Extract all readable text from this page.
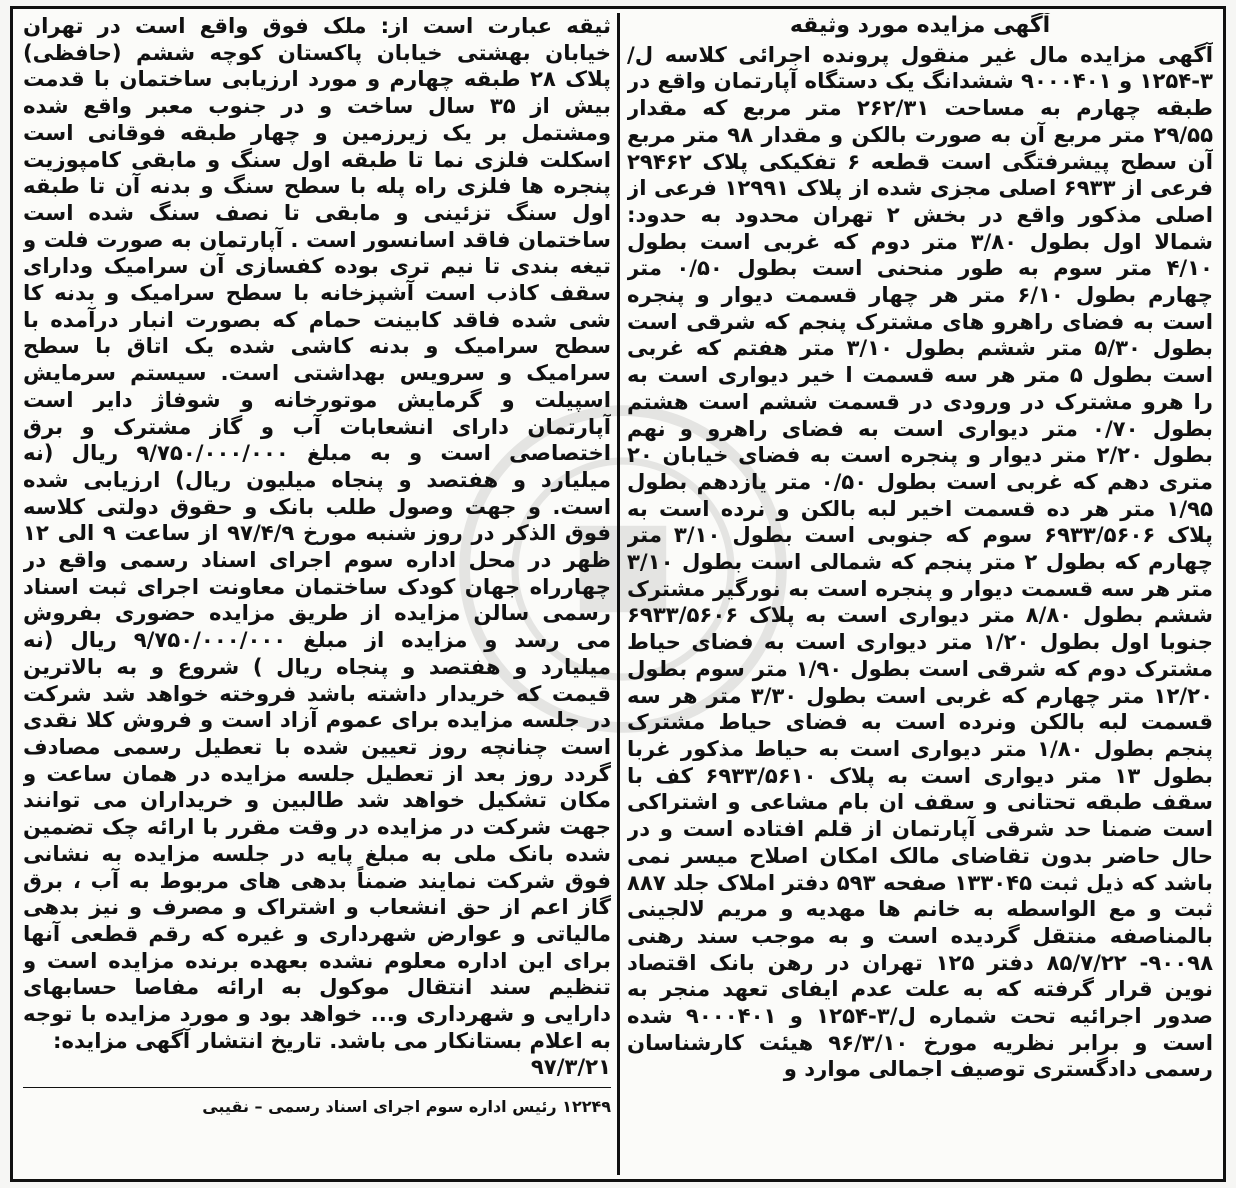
آگهی مزایده مورد وثیقه

آگهی مزایده مال غیر منقول پرونده اجرائی کلاسه ل/۳-۱۲۵۴ و ۹۰۰۰۴۰۱ ششدانگ یک دستگاه آپارتمان واقع در طبقه چهارم به مساحت ۲۶۲/۳۱ متر مربع که مقدار ۲۹/۵۵ متر مربع آن به صورت بالکن و مقدار ۹۸ متر مربع آن سطح پیشرفتگی است قطعه ۶ تفکیکی پلاک ۲۹۴۶۲ فرعی از ۶۹۳۳ اصلی مجزی شده از پلاک ۱۲۹۹۱ فرعی از اصلی مذکور واقع در بخش ۲ تهران محدود به حدود: شمالا اول بطول ۳/۸۰ متر دوم که غربی است بطول ۴/۱۰ متر سوم به طور منحنی است بطول ۰/۵۰ متر چهارم بطول ۶/۱۰ متر هر چهار قسمت دیوار و پنجره است به فضای راهرو های مشترک پنجم که شرقی است بطول ۵/۳۰ متر ششم بطول ۳/۱۰ متر هفتم که غربی است بطول ۵ متر هر سه قسمت ا خیر دیواری است به را هرو مشترک در ورودی در قسمت ششم است هشتم بطول ۰/۷۰ متر دیواری است به فضای راهرو و نهم بطول ۲/۲۰ متر دیوار و پنجره است به فضای خیابان ۲۰ متری دهم که غربی است بطول ۰/۵۰ متر یازدهم بطول ۱/۹۵ متر هر ده قسمت اخیر لبه بالکن و نرده است به پلاک ۶۹۳۳/۵۶۰۶ سوم که جنوبی است بطول ۳/۱۰ متر چهارم که بطول ۲ متر پنجم که شمالی است بطول ۳/۱۰ متر هر سه قسمت دیوار و پنجره است به نورگیر مشترک ششم بطول ۸/۸۰ متر دیواری است به پلاک ۶۹۳۳/۵۶۰۶ جنوبا اول بطول ۱/۲۰ متر دیواری است به فضای حیاط مشترک دوم که شرقی است بطول ۱/۹۰ متر سوم بطول ۱۲/۲۰ متر چهارم که غربی است بطول ۳/۳۰ متر هر سه قسمت لبه بالکن ونرده است به فضای حیاط مشترک پنجم بطول ۱/۸۰ متر دیواری است به حیاط مذکور غربا بطول ۱۳ متر دیواری است به پلاک ۶۹۳۳/۵۶۱۰ کف با سقف طبقه تحتانی و سقف ان بام مشاعی و اشتراکی است ضمنا حد شرقی آپارتمان از قلم افتاده است و در حال حاضر بدون تقاضای مالک امکان اصلاح میسر نمی باشد که ذیل ثبت ۱۳۳۰۴۵ صفحه ۵۹۳ دفتر املاک جلد ۸۸۷ ثبت و مع الواسطه به خانم ها مهدیه و مریم لالجینی بالمناصفه منتقل گردیده است و به موجب سند رهنی ۹۰۰۹۸- ۸۵/۷/۲۲ دفتر ۱۲۵ تهران در رهن بانک اقتصاد نوین قرار گرفته که به علت عدم ایفای تعهد منجر به صدور اجرائیه تحت شماره ل/۳-۱۲۵۴ و ۹۰۰۰۴۰۱ شده است و برابر نظریه مورخ ۹۶/۳/۱۰ هیئت کارشناسان رسمی دادگستری توصیف اجمالی موارد و

ثیقه عبارت است از: ملک فوق واقع است در تهران خیابان بهشتی خیابان پاکستان کوچه ششم (حافظی) پلاک ۲۸ طبقه چهارم و مورد ارزیابی ساختمان با قدمت بیش از ۳۵ سال ساخت و در جنوب معبر واقع شده ومشتمل بر یک زیرزمین و چهار طبقه فوقانی است اسکلت فلزی نما تا طبقه اول سنگ و مابقی کامپوزیت پنجره ها فلزی راه پله با سطح سنگ و بدنه آن تا طبقه اول سنگ تزئینی و مابقی تا نصف سنگ شده است ساختمان فاقد اسانسور است . آپارتمان به صورت فلت و تیغه بندی تا نیم تری بوده کفسازی آن سرامیک ودارای سقف کاذب است آشپزخانه با سطح سرامیک و بدنه کا شی شده فاقد کابینت حمام که بصورت انبار درآمده با سطح سرامیک و بدنه کاشی شده یک اتاق با سطح سرامیک و سرویس بهداشتی است. سیستم سرمایش اسپیلت و گرمایش موتورخانه و شوفاژ دایر است آپارتمان دارای انشعابات آب و گاز مشترک و برق اختصاصی است و به مبلغ ۹/۷۵۰/۰۰۰/۰۰۰ ریال (نه میلیارد و هفتصد و پنجاه میلیون ریال) ارزیابی شده است. و جهت وصول طلب بانک و حقوق دولتی کلاسه فوق الذکر در روز شنبه مورخ ۹۷/۴/۹ از ساعت ۹ الی ۱۲ ظهر در محل اداره سوم اجرای اسناد رسمی واقع در چهارراه جهان کودک ساختمان معاونت اجرای ثبت اسناد رسمی سالن مزایده از طریق مزایده حضوری بفروش می رسد و مزایده از مبلغ ۹/۷۵۰/۰۰۰/۰۰۰ ریال (نه میلیارد و هفتصد و پنجاه ریال ) شروع و به بالاترین قیمت که خریدار داشته باشد فروخته خواهد شد شرکت در جلسه مزایده برای عموم آزاد است و فروش کلا نقدی است چنانچه روز تعیین شده با تعطیل رسمی مصادف گردد روز بعد از تعطیل جلسه مزایده در همان ساعت و مکان تشکیل خواهد شد طالبین و خریداران می توانند جهت شرکت در مزایده در وقت مقرر با ارائه چک تضمین شده بانک ملی به مبلغ پایه در جلسه مزایده به نشانی فوق شرکت نمایند ضمناً بدهی های مربوط به آب ، برق گاز اعم از حق انشعاب و اشتراک و مصرف و نیز بدهی مالیاتی و عوارض شهرداری و غیره که رقم قطعی آنها برای این اداره معلوم نشده بعهده برنده مزایده است و تنظیم سند انتقال موکول به ارائه مفاصا حسابهای دارایی و شهرداری و... خواهد بود و مورد مزایده با توجه به اعلام بستانکار می باشد. تاریخ انتشار آگهی مزایده:

۹۷/۳/۲۱

۱۲۲۴۹ رئیس اداره سوم اجرای اسناد رسمی – نقیبی
